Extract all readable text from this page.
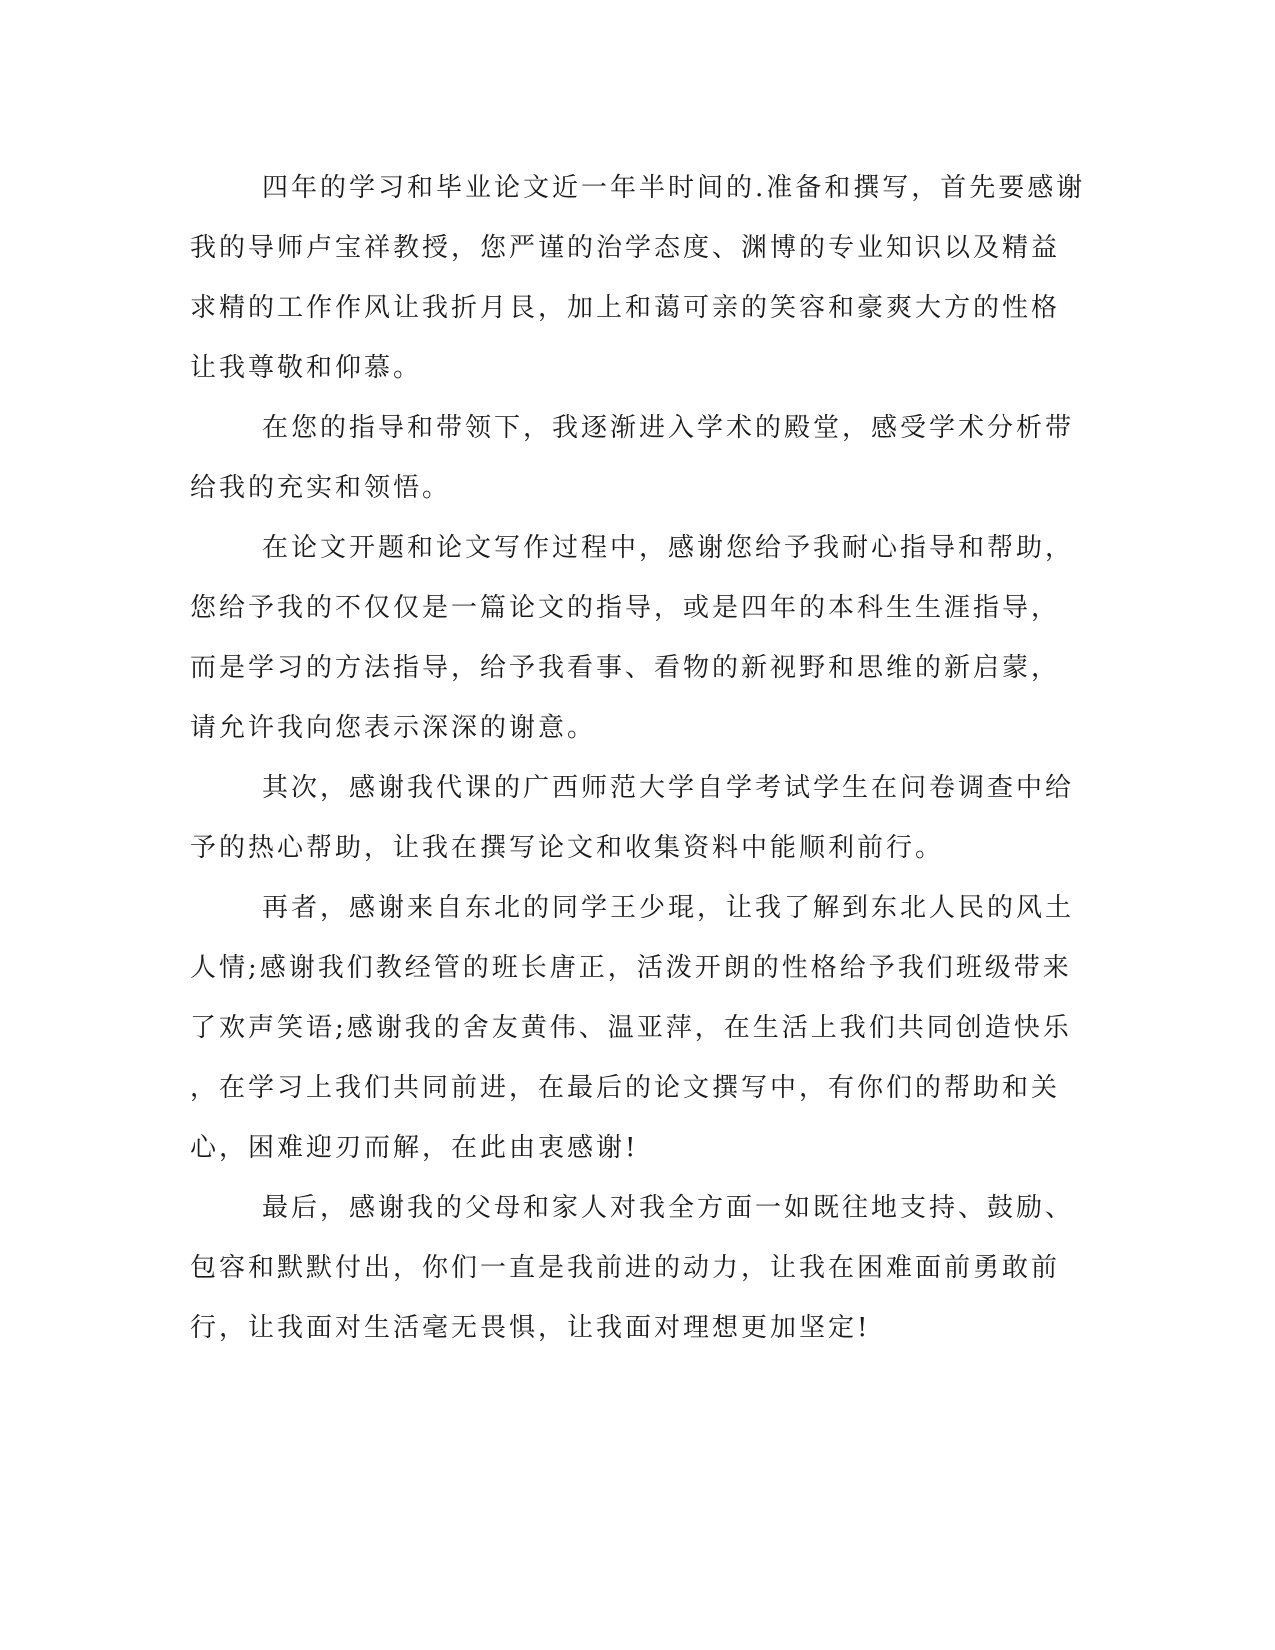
四年的学习和毕业论文近一年半时间的.准备和撰写，首先要感谢
我的导师卢宝祥教授，您严谨的治学态度、渊博的专业知识以及精益
求精的工作作风让我折月艮，加上和蔼可亲的笑容和豪爽大方的性格
让我尊敬和仰慕。

在您的指导和带领下，我逐渐进入学术的殿堂，感受学术分析带
给我的充实和领悟。

在论文开题和论文写作过程中，感谢您给予我耐心指导和帮助，
您给予我的不仅仅是一篇论文的指导，或是四年的本科生生涯指导，
而是学习的方法指导，给予我看事、看物的新视野和思维的新启蒙，
请允许我向您表示深深的谢意。

其次，感谢我代课的广西师范大学自学考试学生在问卷调查中给
予的热心帮助，让我在撰写论文和收集资料中能顺利前行。

再者，感谢来自东北的同学王少琨，让我了解到东北人民的风土
人情;感谢我们教经管的班长唐正，活泼开朗的性格给予我们班级带来
了欢声笑语;感谢我的舍友黄伟、温亚萍，在生活上我们共同创造快乐
，在学习上我们共同前进，在最后的论文撰写中，有你们的帮助和关
心，困难迎刃而解，在此由衷感谢!

最后，感谢我的父母和家人对我全方面一如既往地支持、鼓励、
包容和默默付出，你们一直是我前进的动力，让我在困难面前勇敢前
行，让我面对生活毫无畏惧，让我面对理想更加坚定!
